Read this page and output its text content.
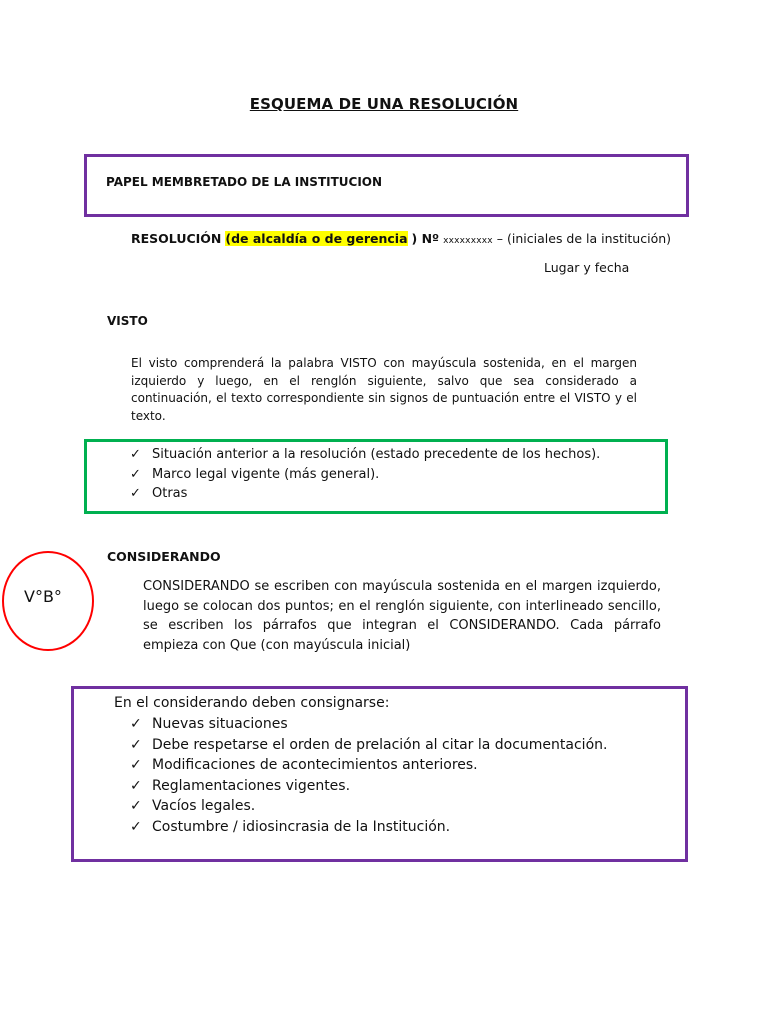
ESQUEMA DE UNA RESOLUCIÓN
PAPEL MEMBRETADO DE LA INSTITUCION
RESOLUCIÓN (de alcaldía o de gerencia ) Nº xxxxxxxxx – (iniciales de la institución)
Lugar y fecha
VISTO
El visto comprenderá la palabra VISTO con mayúscula sostenida, en el margen izquierdo y luego, en el renglón siguiente, salvo que sea considerado a continuación, el texto correspondiente sin signos de puntuación entre el VISTO y el texto.
✓ Situación anterior a la resolución (estado precedente de los hechos).
✓ Marco legal vigente (más general).
✓ Otras
CONSIDERANDO
V°B°
CONSIDERANDO se escriben con mayúscula sostenida en el margen izquierdo, luego se colocan dos puntos; en el renglón siguiente, con interlineado sencillo, se escriben los párrafos que integran el CONSIDERANDO. Cada párrafo empieza con Que (con mayúscula inicial)
En el considerando deben consignarse:
✓ Nuevas situaciones
✓ Debe respetarse el orden de prelación al citar la documentación.
✓ Modificaciones de acontecimientos anteriores.
✓ Reglamentaciones vigentes.
✓ Vacíos legales.
✓ Costumbre / idiosincrasia de la Institución.
